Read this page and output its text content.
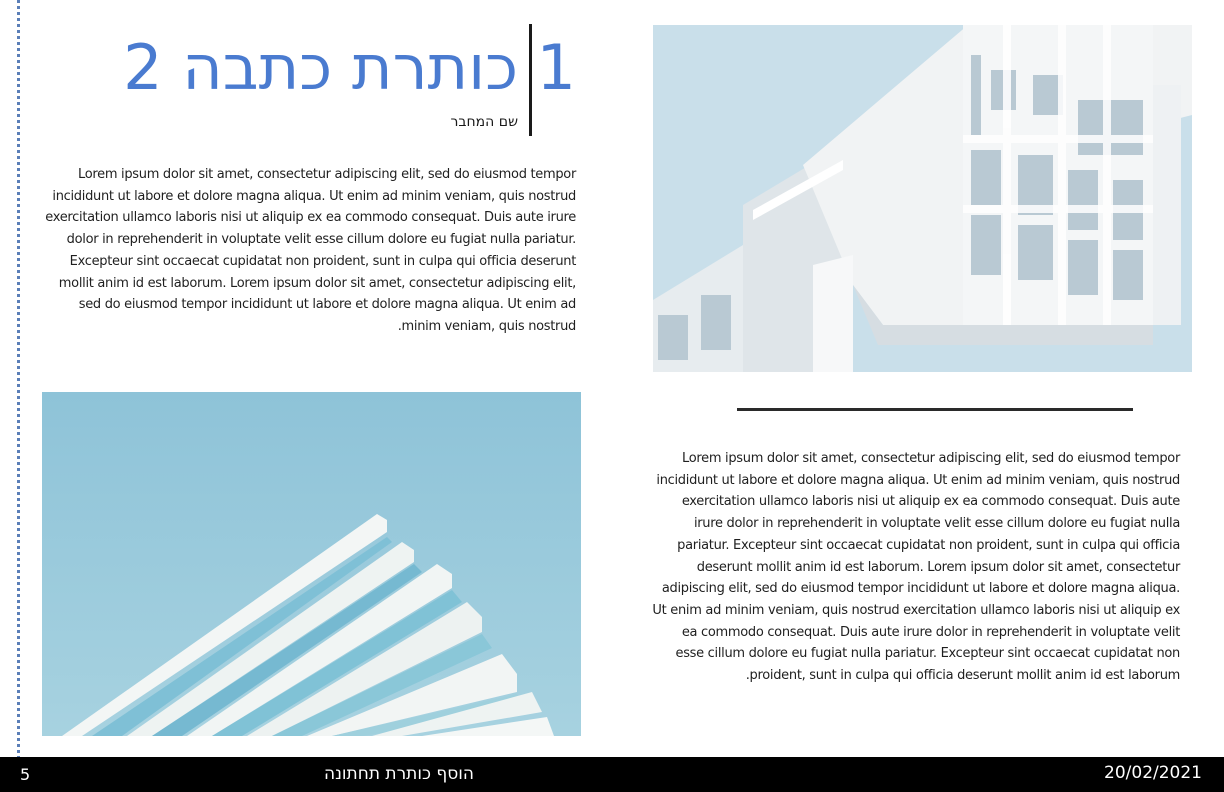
1
כותרת כתבה 2
שם המחבר
Lorem ipsum dolor sit amet, consectetur adipiscing elit, sed do eiusmod tempor incididunt ut labore et dolore magna aliqua. Ut enim ad minim veniam, quis nostrud exercitation ullamco laboris nisi ut aliquip ex ea commodo consequat. Duis aute irure dolor in reprehenderit in voluptate velit esse cillum dolore eu fugiat nulla pariatur. Excepteur sint occaecat cupidatat non proident, sunt in culpa qui officia deserunt mollit anim id est laborum. Lorem ipsum dolor sit amet, consectetur adipiscing elit, sed do eiusmod tempor incididunt ut labore et dolore magna aliqua. Ut enim ad minim veniam, quis nostrud.
Lorem ipsum dolor sit amet, consectetur adipiscing elit, sed do eiusmod tempor incididunt ut labore et dolore magna aliqua. Ut enim ad minim veniam, quis nostrud exercitation ullamco laboris nisi ut aliquip ex ea commodo consequat. Duis aute irure dolor in reprehenderit in voluptate velit esse cillum dolore eu fugiat nulla pariatur. Excepteur sint occaecat cupidatat non proident, sunt in culpa qui officia deserunt mollit anim id est laborum. Lorem ipsum dolor sit amet, consectetur adipiscing elit, sed do eiusmod tempor incididunt ut labore et dolore magna aliqua. Ut enim ad minim veniam, quis nostrud exercitation ullamco laboris nisi ut aliquip ex ea commodo consequat. Duis aute irure dolor in reprehenderit in voluptate velit esse cillum dolore eu fugiat nulla pariatur. Excepteur sint occaecat cupidatat non proident, sunt in culpa qui officia deserunt mollit anim id est laborum.
5	הוסף כותרת תחתונה	20/02/2021
